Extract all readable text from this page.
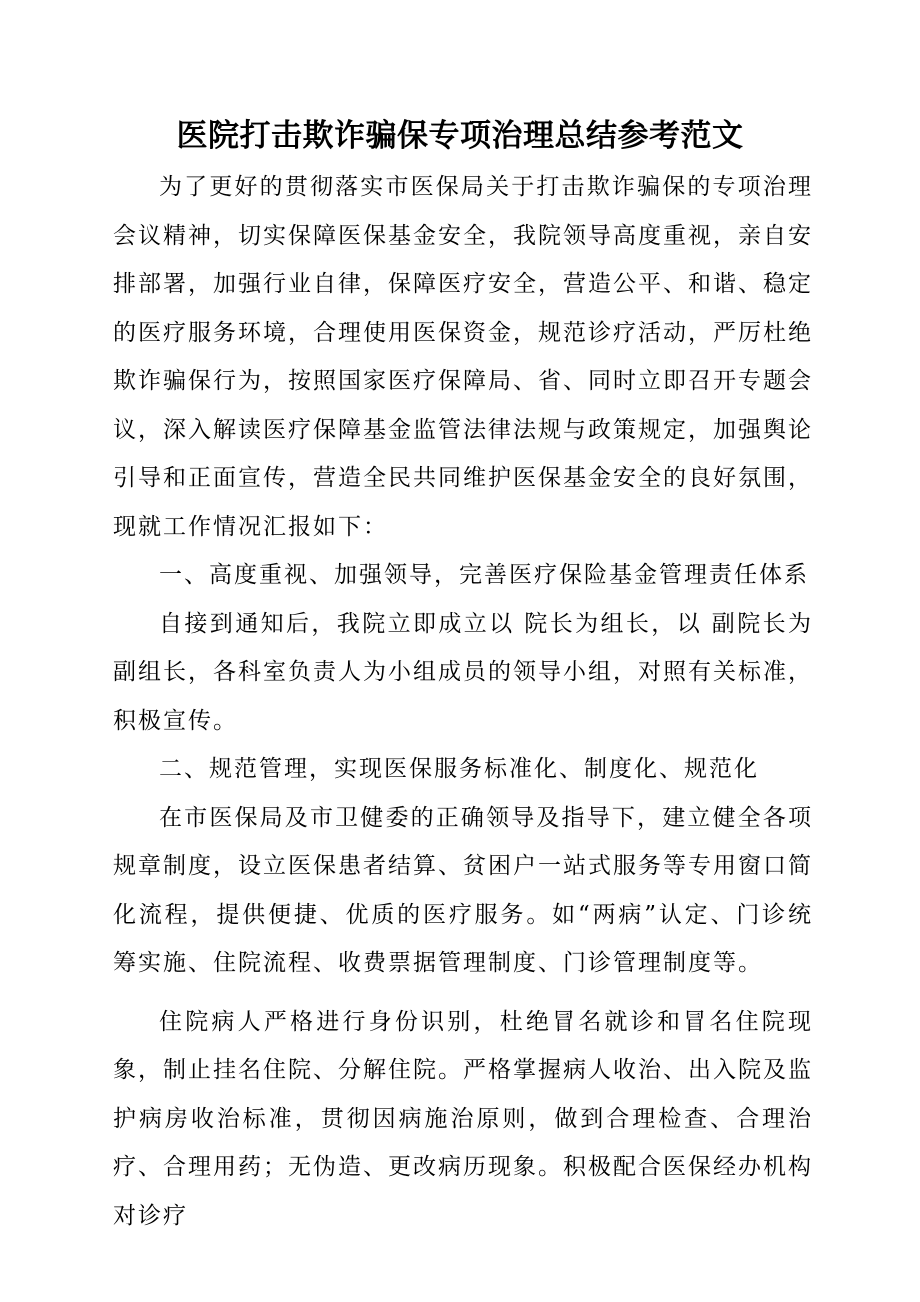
医院打击欺诈骗保专项治理总结参考范文

为了更好的贯彻落实市医保局关于打击欺诈骗保的专项治理会议精神，切实保障医保基金安全，我院领导高度重视，亲自安排部署，加强行业自律，保障医疗安全，营造公平、和谐、稳定的医疗服务环境，合理使用医保资金，规范诊疗活动，严厉杜绝欺诈骗保行为，按照国家医疗保障局、省、同时立即召开专题会议，深入解读医疗保障基金监管法律法规与政策规定，加强舆论引导和正面宣传，营造全民共同维护医保基金安全的良好氛围，现就工作情况汇报如下：

一、高度重视、加强领导，完善医疗保险基金管理责任体系

自接到通知后，我院立即成立以 院长为组长，以 副院长为副组长，各科室负责人为小组成员的领导小组，对照有关标准，积极宣传。

二、规范管理，实现医保服务标准化、制度化、规范化

在市医保局及市卫健委的正确领导及指导下，建立健全各项规章制度，设立医保患者结算、贫困户一站式服务等专用窗口简化流程，提供便捷、优质的医疗服务。如“两病”认定、门诊统筹实施、住院流程、收费票据管理制度、门诊管理制度等。

住院病人严格进行身份识别，杜绝冒名就诊和冒名住院现象，制止挂名住院、分解住院。严格掌握病人收治、出入院及监护病房收治标准，贯彻因病施治原则，做到合理检查、合理治疗、合理用药；无伪造、更改病历现象。积极配合医保经办机构对诊疗
